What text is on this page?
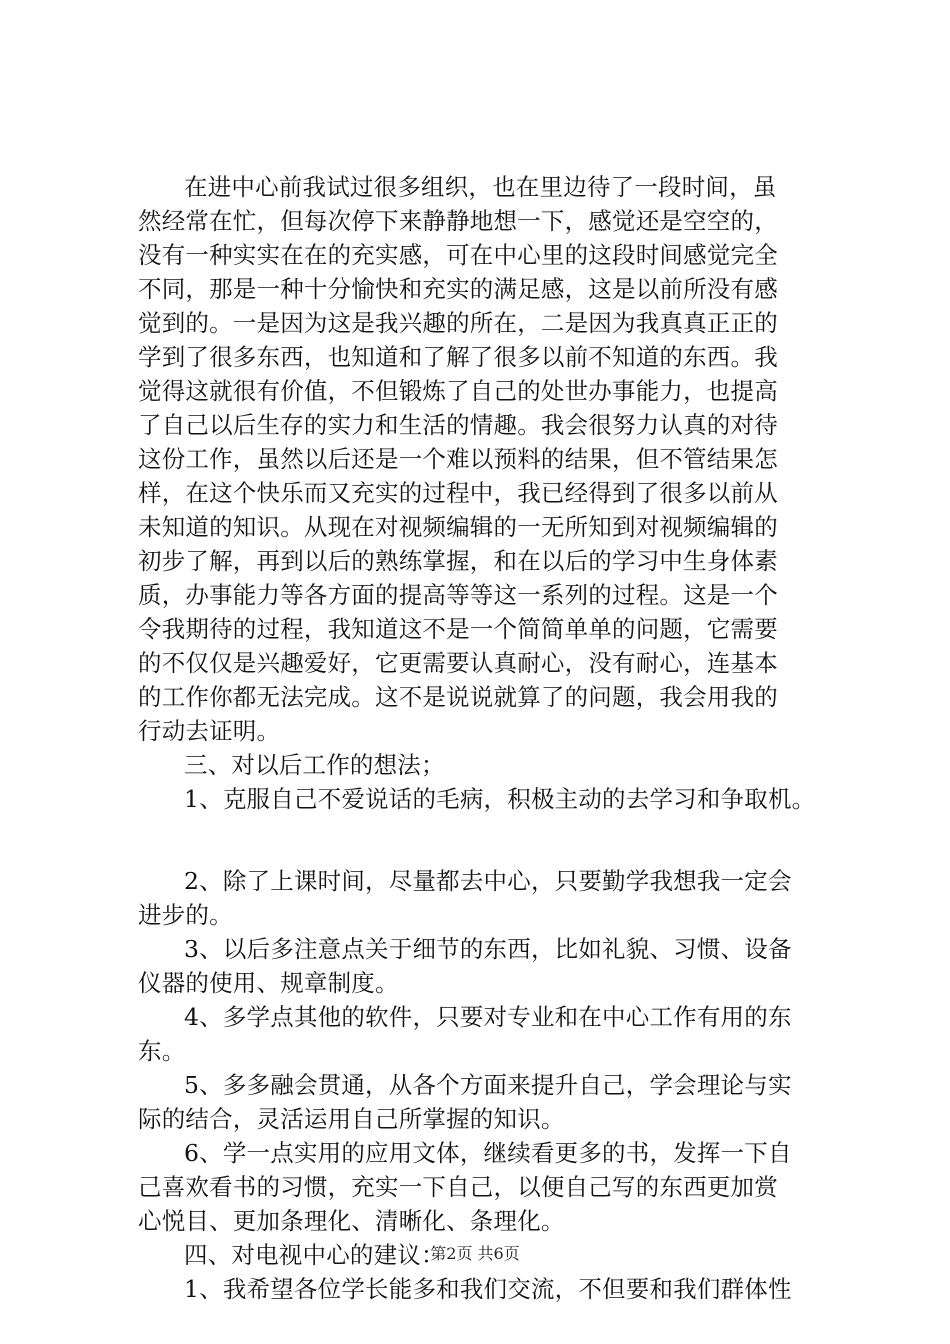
在进中心前我试过很多组织，也在里边待了一段时间，虽
然经常在忙，但每次停下来静静地想一下，感觉还是空空的，
没有一种实实在在的充实感，可在中心里的这段时间感觉完全
不同，那是一种十分愉快和充实的满足感，这是以前所没有感
觉到的。一是因为这是我兴趣的所在，二是因为我真真正正的
学到了很多东西，也知道和了解了很多以前不知道的东西。我
觉得这就很有价值，不但锻炼了自己的处世办事能力，也提高
了自己以后生存的实力和生活的情趣。我会很努力认真的对待
这份工作，虽然以后还是一个难以预料的结果，但不管结果怎
样，在这个快乐而又充实的过程中，我已经得到了很多以前从
未知道的知识。从现在对视频编辑的一无所知到对视频编辑的
初步了解，再到以后的熟练掌握，和在以后的学习中生身体素
质，办事能力等各方面的提高等等这一系列的过程。这是一个
令我期待的过程，我知道这不是一个简简单单的问题，它需要
的不仅仅是兴趣爱好，它更需要认真耐心，没有耐心，连基本
的工作你都无法完成。这不是说说就算了的问题，我会用我的
行动去证明。
三、对以后工作的想法；
1、克服自己不爱说话的毛病，积极主动的去学习和争取机。
2、除了上课时间，尽量都去中心，只要勤学我想我一定会
进步的。
3、以后多注意点关于细节的东西，比如礼貌、习惯、设备
仪器的使用、规章制度。
4、多学点其他的软件，只要对专业和在中心工作有用的东
东。
5、多多融会贯通，从各个方面来提升自己，学会理论与实
际的结合，灵活运用自己所掌握的知识。
6、学一点实用的应用文体，继续看更多的书，发挥一下自
己喜欢看书的习惯，充实一下自己，以便自己写的东西更加赏
心悦目、更加条理化、清晰化、条理化。
四、对电视中心的建议：
1、我希望各位学长能多和我们交流，不但要和我们群体性
第2页 共6页
